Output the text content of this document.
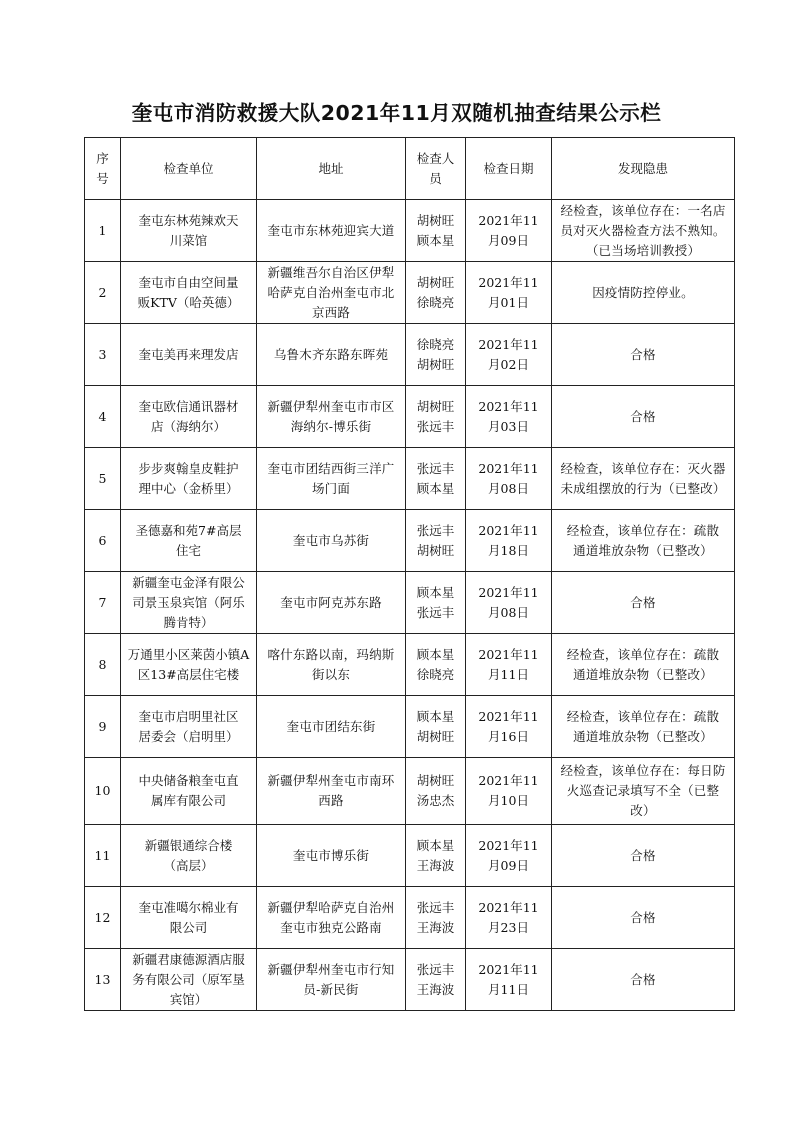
奎屯市消防救援大队2021年11月双随机抽查结果公示栏
序号	检查单位	地址	检查人员	检查日期	发现隐患
1	奎屯东林苑辣欢天川菜馆	奎屯市东林苑迎宾大道	胡树旺顾本星	2021年11月09日	经检查，该单位存在：一名店员对灭火器检查方法不熟知。（已当场培训教授）
2	奎屯市自由空间量贩KTV（哈英德）	新疆维吾尔自治区伊犁哈萨克自治州奎屯市北京西路	胡树旺徐晓亮	2021年11月01日	因疫情防控停业。
3	奎屯美再来理发店	乌鲁木齐东路东晖苑	徐晓亮胡树旺	2021年11月02日	合格
4	奎屯欧信通讯器材店（海纳尔）	新疆伊犁州奎屯市市区海纳尔-博乐街	胡树旺张远丰	2021年11月03日	合格
5	步步爽翰皇皮鞋护理中心（金桥里）	奎屯市团结西街三洋广场门面	张远丰顾本星	2021年11月08日	经检查，该单位存在：灭火器未成组摆放的行为（已整改）
6	圣德嘉和苑7#高层住宅	奎屯市乌苏街	张远丰胡树旺	2021年11月18日	经检查，该单位存在：疏散通道堆放杂物（已整改）
7	新疆奎屯金泽有限公司景玉泉宾馆（阿乐腾肯特）	奎屯市阿克苏东路	顾本星张远丰	2021年11月08日	合格
8	万通里小区莱茵小镇A区13#高层住宅楼	喀什东路以南，玛纳斯街以东	顾本星徐晓亮	2021年11月11日	经检查，该单位存在：疏散通道堆放杂物（已整改）
9	奎屯市启明里社区居委会（启明里）	奎屯市团结东街	顾本星胡树旺	2021年11月16日	经检查，该单位存在：疏散通道堆放杂物（已整改）
10	中央储备粮奎屯直属库有限公司	新疆伊犁州奎屯市南环西路	胡树旺汤忠杰	2021年11月10日	经检查，该单位存在：每日防火巡查记录填写不全（已整改）
11	新疆银通综合楼（高层）	奎屯市博乐街	顾本星王海波	2021年11月09日	合格
12	奎屯准噶尔棉业有限公司	新疆伊犁哈萨克自治州奎屯市独克公路南	张远丰王海波	2021年11月23日	合格
13	新疆君康德源酒店服务有限公司（原军垦宾馆）	新疆伊犁州奎屯市行知员-新民街	张远丰王海波	2021年11月11日	合格
